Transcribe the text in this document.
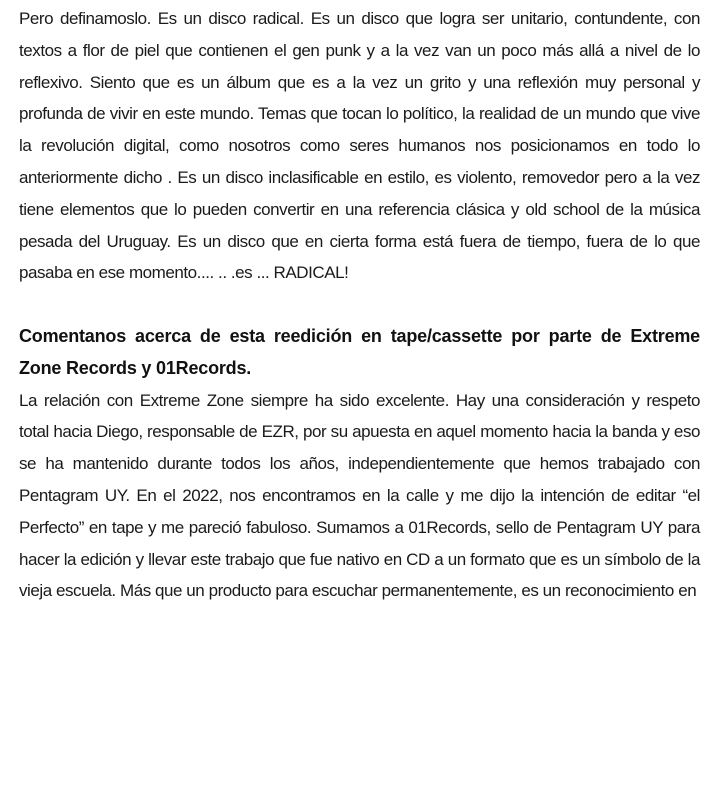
Pero definamoslo. Es un disco radical. Es un disco que logra ser unitario, contundente, con textos a flor de piel que contienen el gen punk y a la vez van un poco más allá a nivel de lo reflexivo. Siento que es un álbum que es a la vez un grito y una reflexión muy personal y profunda de vivir en este mundo. Temas que tocan lo político, la realidad de un mundo que vive la revolución digital, como nosotros como seres humanos nos posicionamos en todo lo anteriormente dicho . Es un disco inclasificable en estilo, es violento, removedor pero a la vez tiene elementos que lo pueden convertir en una referencia clásica y old school de la música pesada del Uruguay. Es un disco que en cierta forma está fuera de tiempo, fuera de lo que pasaba en ese momento.... .. .es ... RADICAL!

Comentanos acerca de esta reedición en tape/cassette por parte de Extreme Zone Records y 01Records.

La relación con Extreme Zone siempre ha sido excelente. Hay una consideración y respeto total hacia Diego, responsable de EZR, por su apuesta en aquel momento hacia la banda y eso se ha mantenido durante todos los años, independientemente que hemos trabajado con Pentagram UY. En el 2022, nos encontramos en la calle y me dijo la intención de editar “el Perfecto” en tape y me pareció fabuloso. Sumamos a 01Records, sello de Pentagram UY para hacer la edición y llevar este trabajo que fue nativo en CD a un formato que es un símbolo de la vieja escuela. Más que un producto para escuchar permanentemente, es un reconocimiento en
